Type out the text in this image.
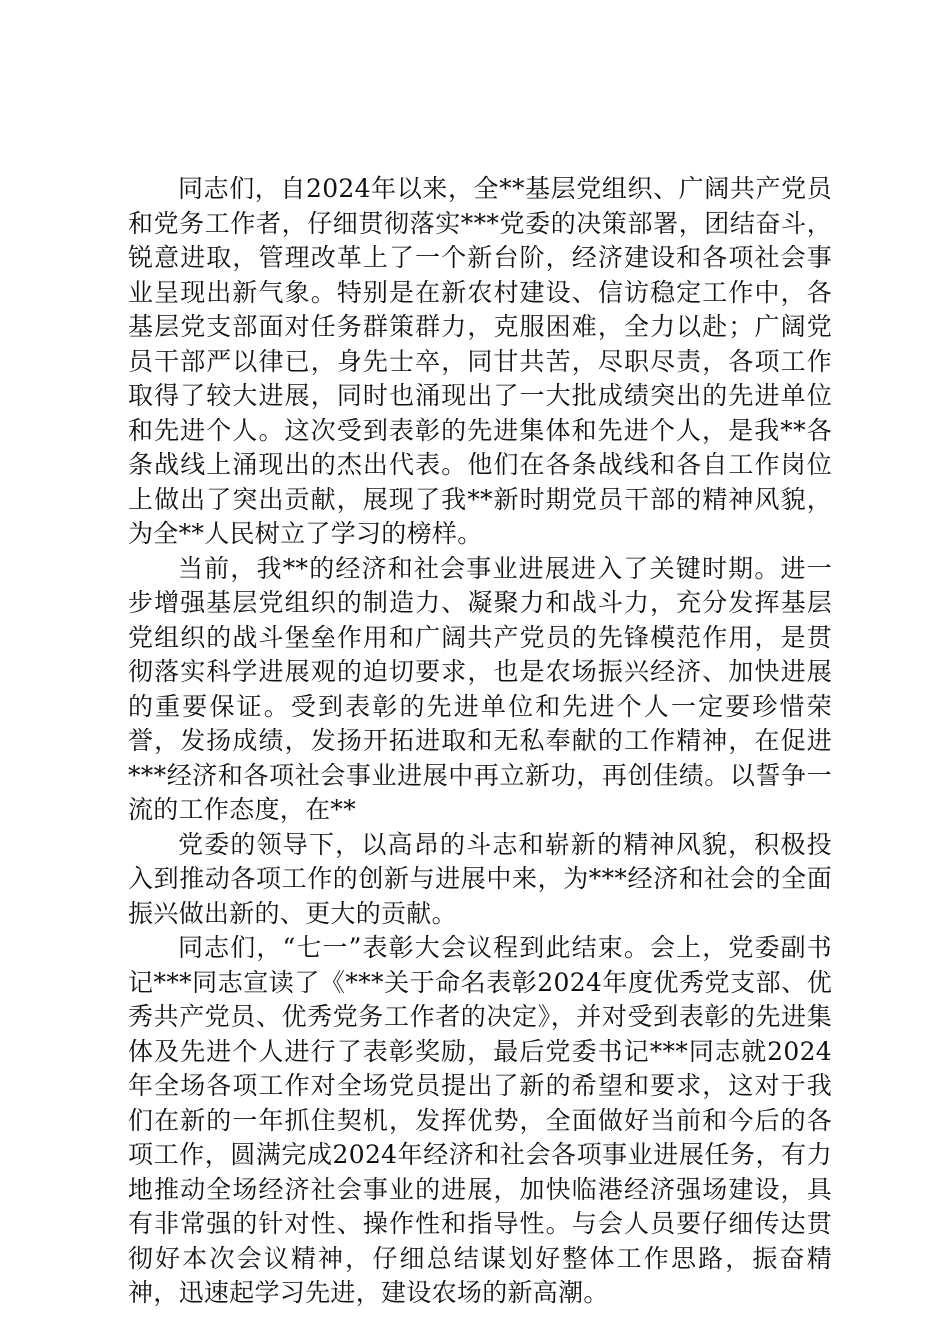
同志们，自2024年以来，全**基层党组织、广阔共产党员和党务工作者，仔细贯彻落实***党委的决策部署，团结奋斗，锐意进取，管理改革上了一个新台阶，经济建设和各项社会事业呈现出新气象。特别是在新农村建设、信访稳定工作中，各基层党支部面对任务群策群力，克服困难，全力以赴；广阔党员干部严以律已，身先士卒，同甘共苦，尽职尽责，各项工作取得了较大进展，同时也涌现出了一大批成绩突出的先进单位和先进个人。这次受到表彰的先进集体和先进个人，是我**各条战线上涌现出的杰出代表。他们在各条战线和各自工作岗位上做出了突出贡献，展现了我**新时期党员干部的精神风貌，为全**人民树立了学习的榜样。

当前，我**的经济和社会事业进展进入了关键时期。进一步增强基层党组织的制造力、凝聚力和战斗力，充分发挥基层党组织的战斗堡垒作用和广阔共产党员的先锋模范作用，是贯彻落实科学进展观的迫切要求，也是农场振兴经济、加快进展的重要保证。受到表彰的先进单位和先进个人一定要珍惜荣誉，发扬成绩，发扬开拓进取和无私奉献的工作精神，在促进***经济和各项社会事业进展中再立新功，再创佳绩。以誓争一流的工作态度，在**

党委的领导下，以高昂的斗志和崭新的精神风貌，积极投入到推动各项工作的创新与进展中来，为***经济和社会的全面振兴做出新的、更大的贡献。

同志们，“七一”表彰大会议程到此结束。会上，党委副书记***同志宣读了《***关于命名表彰2024年度优秀党支部、优秀共产党员、优秀党务工作者的决定》，并对受到表彰的先进集体及先进个人进行了表彰奖励，最后党委书记***同志就2024年全场各项工作对全场党员提出了新的希望和要求，这对于我们在新的一年抓住契机，发挥优势，全面做好当前和今后的各项工作，圆满完成2024年经济和社会各项事业进展任务，有力地推动全场经济社会事业的进展，加快临港经济强场建设，具有非常强的针对性、操作性和指导性。与会人员要仔细传达贯彻好本次会议精神，仔细总结谋划好整体工作思路，振奋精神，迅速起学习先进，建设农场的新高潮。
